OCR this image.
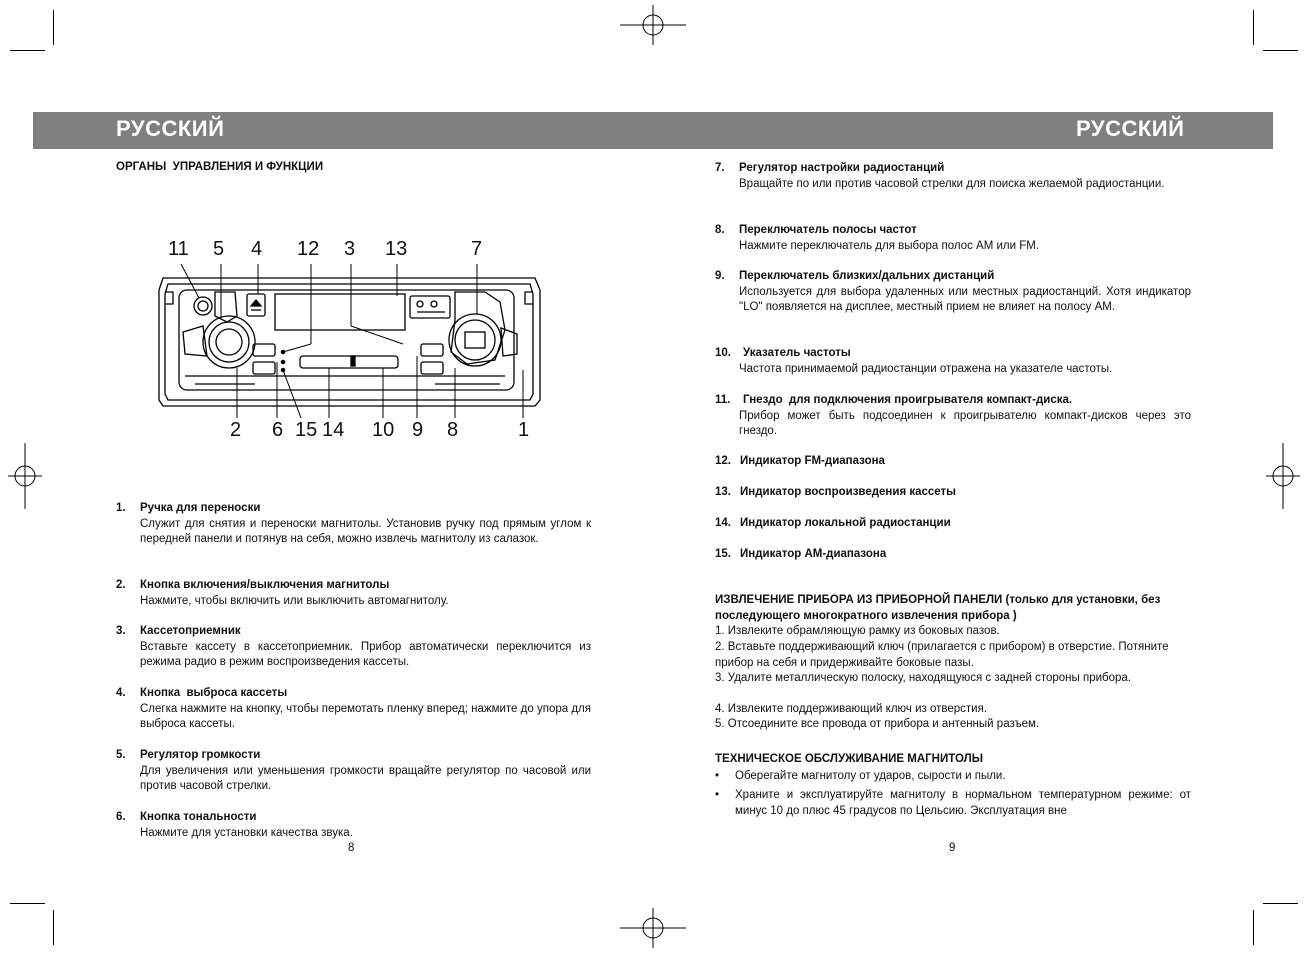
РУССКИЙ	РУССКИЙ
ОРГАНЫ  УПРАВЛЕНИЯ И ФУНКЦИИ
11 5 4 12 3 13	7
2 6 15 14 10 9 8	1
1. Ручка для переноски
Служит для снятия и переноски магнитолы. Установив ручку под прямым углом к передней панели и потянув на себя, можно извлечь магнитолу из салазок.
2. Кнопка включения/выключения магнитолы
Нажмите, чтобы включить или выключить автомагнитолу.
3. Кассетоприемник
Вставьте кассету в кассетоприемник. Прибор автоматически переключится из режима радио в режим воспроизведения кассеты.
4. Кнопка  выброса кассеты
Слегка нажмите на кнопку, чтобы перемотать пленку вперед; нажмите до упора для выброса кассеты.
5. Регулятор громкости
Для увеличения или уменьшения громкости вращайте регулятор по часовой или против часовой стрелки.
6. Кнопка тональности
Нажмите для установки качества звука.
8
7. Регулятор настройки радиостанций
Вращайте по или против часовой стрелки для поиска желаемой радиостанции.
8. Переключатель полосы частот
Нажмите переключатель для выбора полос AM или FM.
9. Переключатель близких/дальних дистанций
Используется для выбора удаленных или местных радиостанций. Хотя индикатор "LO" появляется на дисплее, местный прием не влияет на полосу AM.
10. Указатель частоты
Частота принимаемой радиостанции отражена на указателе частоты.
11. Гнездо  для подключения проигрывателя компакт-диска.
Прибор может быть подсоединен к проигрывателю компакт-дисков через это гнездо.
12. Индикатор FM-диапазона
13. Индикатор воспроизведения кассеты
14. Индикатор локальной радиостанции
15. Индикатор AM-диапазона
ИЗВЛЕЧЕНИЕ ПРИБОРА ИЗ ПРИБОРНОЙ ПАНЕЛИ (только для установки, без последующего многократного извлечения прибора )
1. Извлеките обрамляющую рамку из боковых пазов.
2. Вставьте поддерживающий ключ (прилагается с прибором) в отверстие. Потяните прибор на себя и придерживайте боковые пазы.
3. Удалите металлическую полоску, находящуюся с задней стороны прибора.
4. Извлеките поддерживающий ключ из отверстия.
5. Отсоедините все провода от прибора и антенный разъем.
ТЕХНИЧЕСКОЕ ОБСЛУЖИВАНИЕ МАГНИТОЛЫ
• Оберегайте магнитолу от ударов, сырости и пыли.
• Храните и эксплуатируйте магнитолу в нормальном температурном режиме: от минус 10 до плюс 45 градусов по Цельсию. Эксплуатация вне
9
